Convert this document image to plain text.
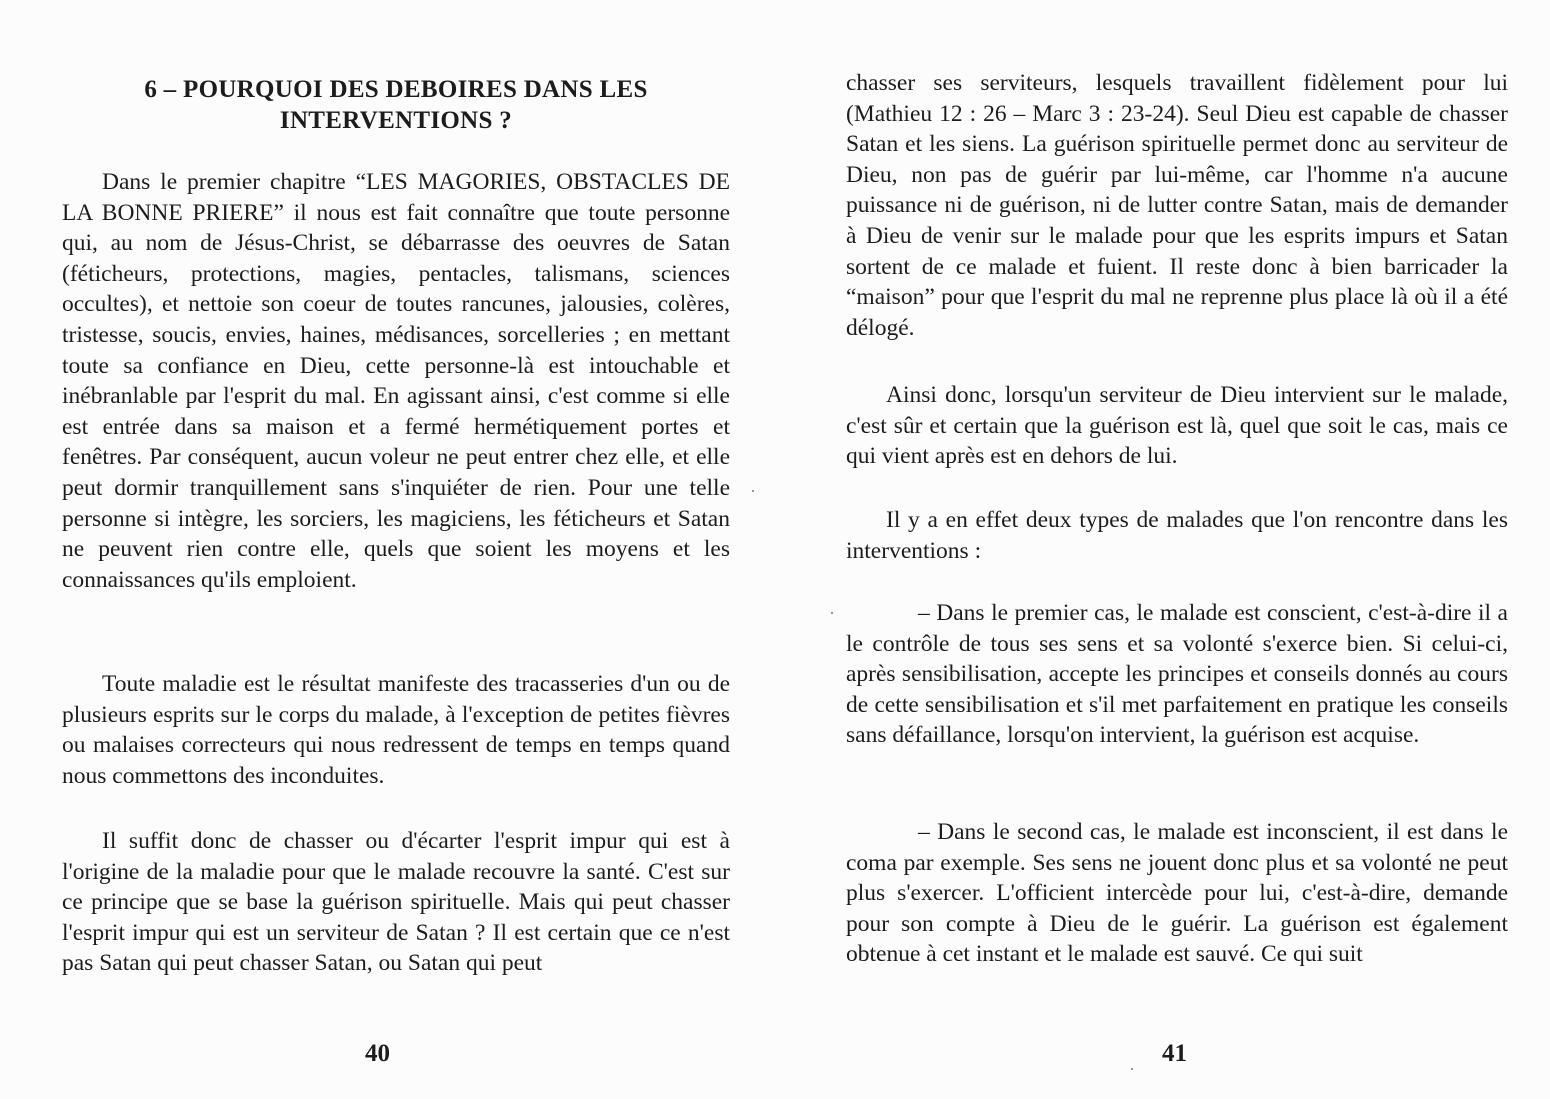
6 – POURQUOI DES DEBOIRES DANS LES
INTERVENTIONS ?

Dans le premier chapitre “LES MAGORIES, OBSTACLES DE LA BONNE PRIERE” il nous est fait connaître que toute personne qui, au nom de Jésus-Christ, se débarrasse des oeuvres de Satan (féticheurs, protections, magies, pentacles, talismans, sciences occultes), et nettoie son coeur de toutes rancunes, jalousies, colères, tristesse, soucis, envies, haines, médisances, sorcelleries ; en mettant toute sa confiance en Dieu, cette personne-là est intouchable et inébranlable par l'esprit du mal. En agissant ainsi, c'est comme si elle est entrée dans sa maison et a fermé hermétiquement portes et fenêtres. Par conséquent, aucun voleur ne peut entrer chez elle, et elle peut dormir tranquillement sans s'inquiéter de rien. Pour une telle personne si intègre, les sorciers, les magiciens, les féticheurs et Satan ne peuvent rien contre elle, quels que soient les moyens et les connaissances qu'ils emploient.

Toute maladie est le résultat manifeste des tracasseries d'un ou de plusieurs esprits sur le corps du malade, à l'exception de petites fièvres ou malaises correcteurs qui nous redressent de temps en temps quand nous commettons des inconduites.

Il suffit donc de chasser ou d'écarter l'esprit impur qui est à l'origine de la maladie pour que le malade recouvre la santé. C'est sur ce principe que se base la guérison spirituelle. Mais qui peut chasser l'esprit impur qui est un serviteur de Satan ? Il est certain que ce n'est pas Satan qui peut chasser Satan, ou Satan qui peut

40

chasser ses serviteurs, lesquels travaillent fidèlement pour lui (Mathieu 12 : 26 – Marc 3 : 23-24). Seul Dieu est capable de chasser Satan et les siens. La guérison spirituelle permet donc au serviteur de Dieu, non pas de guérir par lui-même, car l'homme n'a aucune puissance ni de guérison, ni de lutter contre Satan, mais de demander à Dieu de venir sur le malade pour que les esprits impurs et Satan sortent de ce malade et fuient. Il reste donc à bien barricader la “maison” pour que l'esprit du mal ne reprenne plus place là où il a été délogé.

Ainsi donc, lorsqu'un serviteur de Dieu intervient sur le malade, c'est sûr et certain que la guérison est là, quel que soit le cas, mais ce qui vient après est en dehors de lui.

Il y a en effet deux types de malades que l'on rencontre dans les interventions :

– Dans le premier cas, le malade est conscient, c'est-à-dire il a le contrôle de tous ses sens et sa volonté s'exerce bien. Si celui-ci, après sensibilisation, accepte les principes et conseils donnés au cours de cette sensibilisation et s'il met parfaitement en pratique les conseils sans défaillance, lorsqu'on intervient, la guérison est acquise.

– Dans le second cas, le malade est inconscient, il est dans le coma par exemple. Ses sens ne jouent donc plus et sa volonté ne peut plus s'exercer. L'officient intercède pour lui, c'est-à-dire, demande pour son compte à Dieu de le guérir. La guérison est également obtenue à cet instant et le malade est sauvé. Ce qui suit

41
